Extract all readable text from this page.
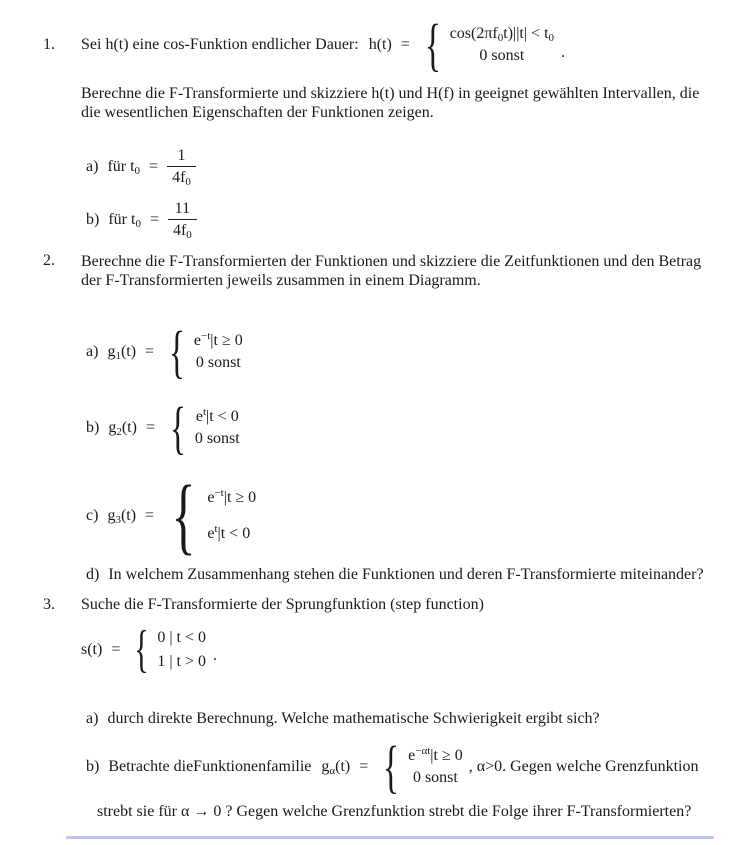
1.	Sei h(t) eine cos-Funktion endlicher Dauer: h(t) = { $\cos(2\pi f_0t)||t| < t_0$
0 sonst .
Berechne die F-Transformierte und skizziere h(t) und H(f) in geeignet gewählten Intervallen, die
die wesentlichen Eigenschaften der Funktionen zeigen.
a) für $t_0 = \frac{1}{4f_0}$
b) für $t_0 = \frac{11}{4f_0}$
2.	Berechne die F-Transformierten der Funktionen und skizziere die Zeitfunktionen und den Betrag
der F-Transformierten jeweils zusammen in einem Diagramm.
a) $g_1(t)$ = { $e^{-t}|t \ge 0$
0 sonst
b) $g_2(t)$ = { $e^t|t < 0$
0 sonst
c) $g_3(t)$ = { $e^{-t}|t \ge 0$
$e^t|t < 0$
d) In welchem Zusammenhang stehen die Funktionen und deren F-Transformierte miteinander?
3.	Suche die F-Transformierte der Sprungfunktion (step function)
s(t) = { 0 | t < 0
1 | t > 0 .
a) durch direkte Berechnung. Welche mathematische Schwierigkeit ergibt sich?
b) Betrachte dieFunktionenfamilie $g_\alpha(t)$ = { $e^{-\alpha t}|t \ge 0$
0 sonst
, α>0. Gegen welche Grenzfunktion
strebt sie für α → 0 ? Gegen welche Grenzfunktion strebt die Folge ihrer F-Transformierten?
